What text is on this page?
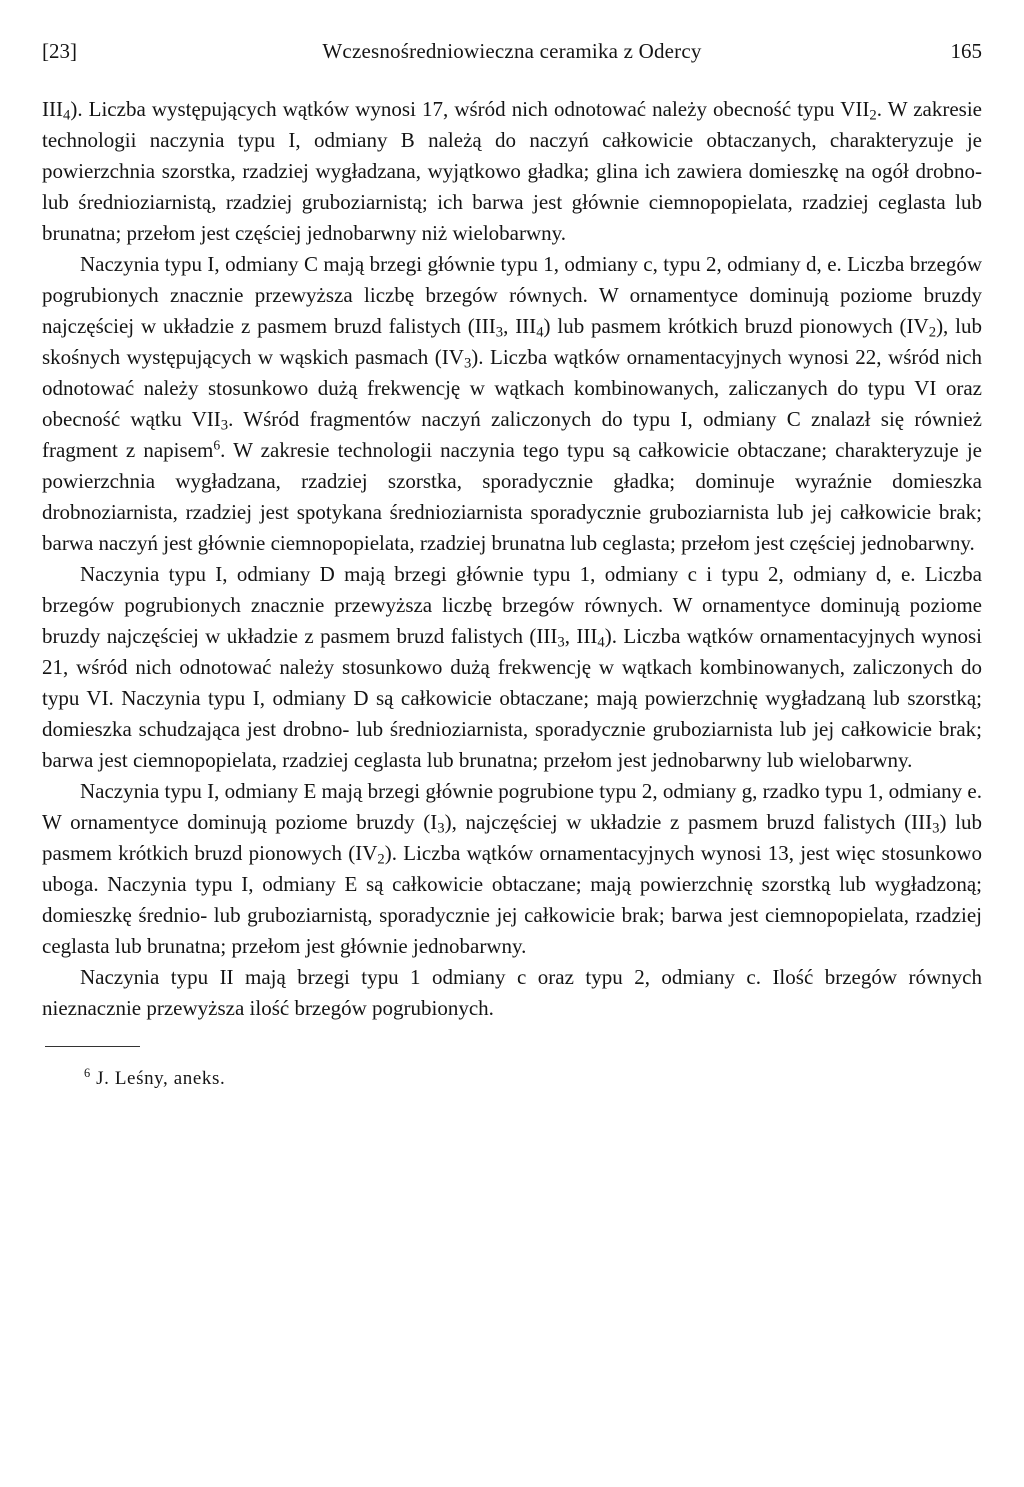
[23]	Wczesnośredniowieczna ceramika z Odercy	165

$III_4$). Liczba występujących wątków wynosi 17, wśród nich odnotować należy obecność typu $VII_2$. W zakresie technologii naczynia typu I, odmiany B należą do naczyń całkowicie obtaczanych, charakteryzuje je powierzchnia szorstka, rzadziej wygładzana, wyjątkowo gładka; glina ich zawiera domieszkę na ogół drobno- lub średnioziarnistą, rzadziej gruboziarnistą; ich barwa jest głównie ciemnopopielata, rzadziej ceglasta lub brunatna; przełom jest częściej jednobarwny niż wielobarwny.

Naczynia typu I, odmiany C mają brzegi głównie typu 1, odmiany c, typu 2, odmiany d, e. Liczba brzegów pogrubionych znacznie przewyższa liczbę brzegów równych. W ornamentyce dominują poziome bruzdy najczęściej w układzie z pasmem bruzd falistych ($III_3$, $III_4$) lub pasmem krótkich bruzd pionowych $(IV_2)$, lub skośnych występujących w wąskich pasmach $(IV_3)$. Liczba wątków ornamentacyjnych wynosi 22, wśród nich odnotować należy stosunkowo dużą frekwencję w wątkach kombinowanych, zaliczanych do typu VI oraz obecność wątku $VII_3$. Wśród fragmentów naczyń zaliczonych do typu I, odmiany C znalazł się również fragment z napisem$^6$. W zakresie technologii naczynia tego typu są całkowicie obtaczane; charakteryzuje je powierzchnia wygładzana, rzadziej szorstka, sporadycznie gładka; dominuje wyraźnie domieszka drobnoziarnista, rzadziej jest spotykana średnioziarnista sporadycznie gruboziarnista lub jej całkowicie brak; barwa naczyń jest głównie ciemnopopielata, rzadziej brunatna lub ceglasta; przełom jest częściej jednobarwny.

Naczynia typu I, odmiany D mają brzegi głównie typu 1, odmiany c i typu 2, odmiany d, e. Liczba brzegów pogrubionych znacznie przewyższa liczbę brzegów równych. W ornamentyce dominują poziome bruzdy najczęściej w układzie z pasmem bruzd falistych ($III_3$, $III_4$). Liczba wątków ornamentacyjnych wynosi 21, wśród nich odnotować należy stosunkowo dużą frekwencję w wątkach kombinowanych, zaliczonych do typu VI. Naczynia typu I, odmiany D są całkowicie obtaczane; mają powierzchnię wygładzaną lub szorstką; domieszka schudzająca jest drobno- lub średnioziarnista, sporadycznie gruboziarnista lub jej całkowicie brak; barwa jest ciemnopopielata, rzadziej ceglasta lub brunatna; przełom jest jednobarwny lub wielobarwny.

Naczynia typu I, odmiany E mają brzegi głównie pogrubione typu 2, odmiany g, rzadko typu 1, odmiany e. W ornamentyce dominują poziome bruzdy $(I_3)$, najczęściej w układzie z pasmem bruzd falistych $(III_3)$ lub pasmem krótkich bruzd pionowych $(IV_2)$. Liczba wątków ornamentacyjnych wynosi 13, jest więc stosunkowo uboga. Naczynia typu I, odmiany E są całkowicie obtaczane; mają powierzchnię szorstką lub wygładzoną; domieszkę średnio- lub gruboziarnistą, sporadycznie jej całkowicie brak; barwa jest ciemnopopielata, rzadziej ceglasta lub brunatna; przełom jest głównie jednobarwny.

Naczynia typu II mają brzegi typu 1 odmiany c oraz typu 2, odmiany c. Ilość brzegów równych nieznacznie przewyższa ilość brzegów pogrubionych.

$^6$ J. Leśny, aneks.
